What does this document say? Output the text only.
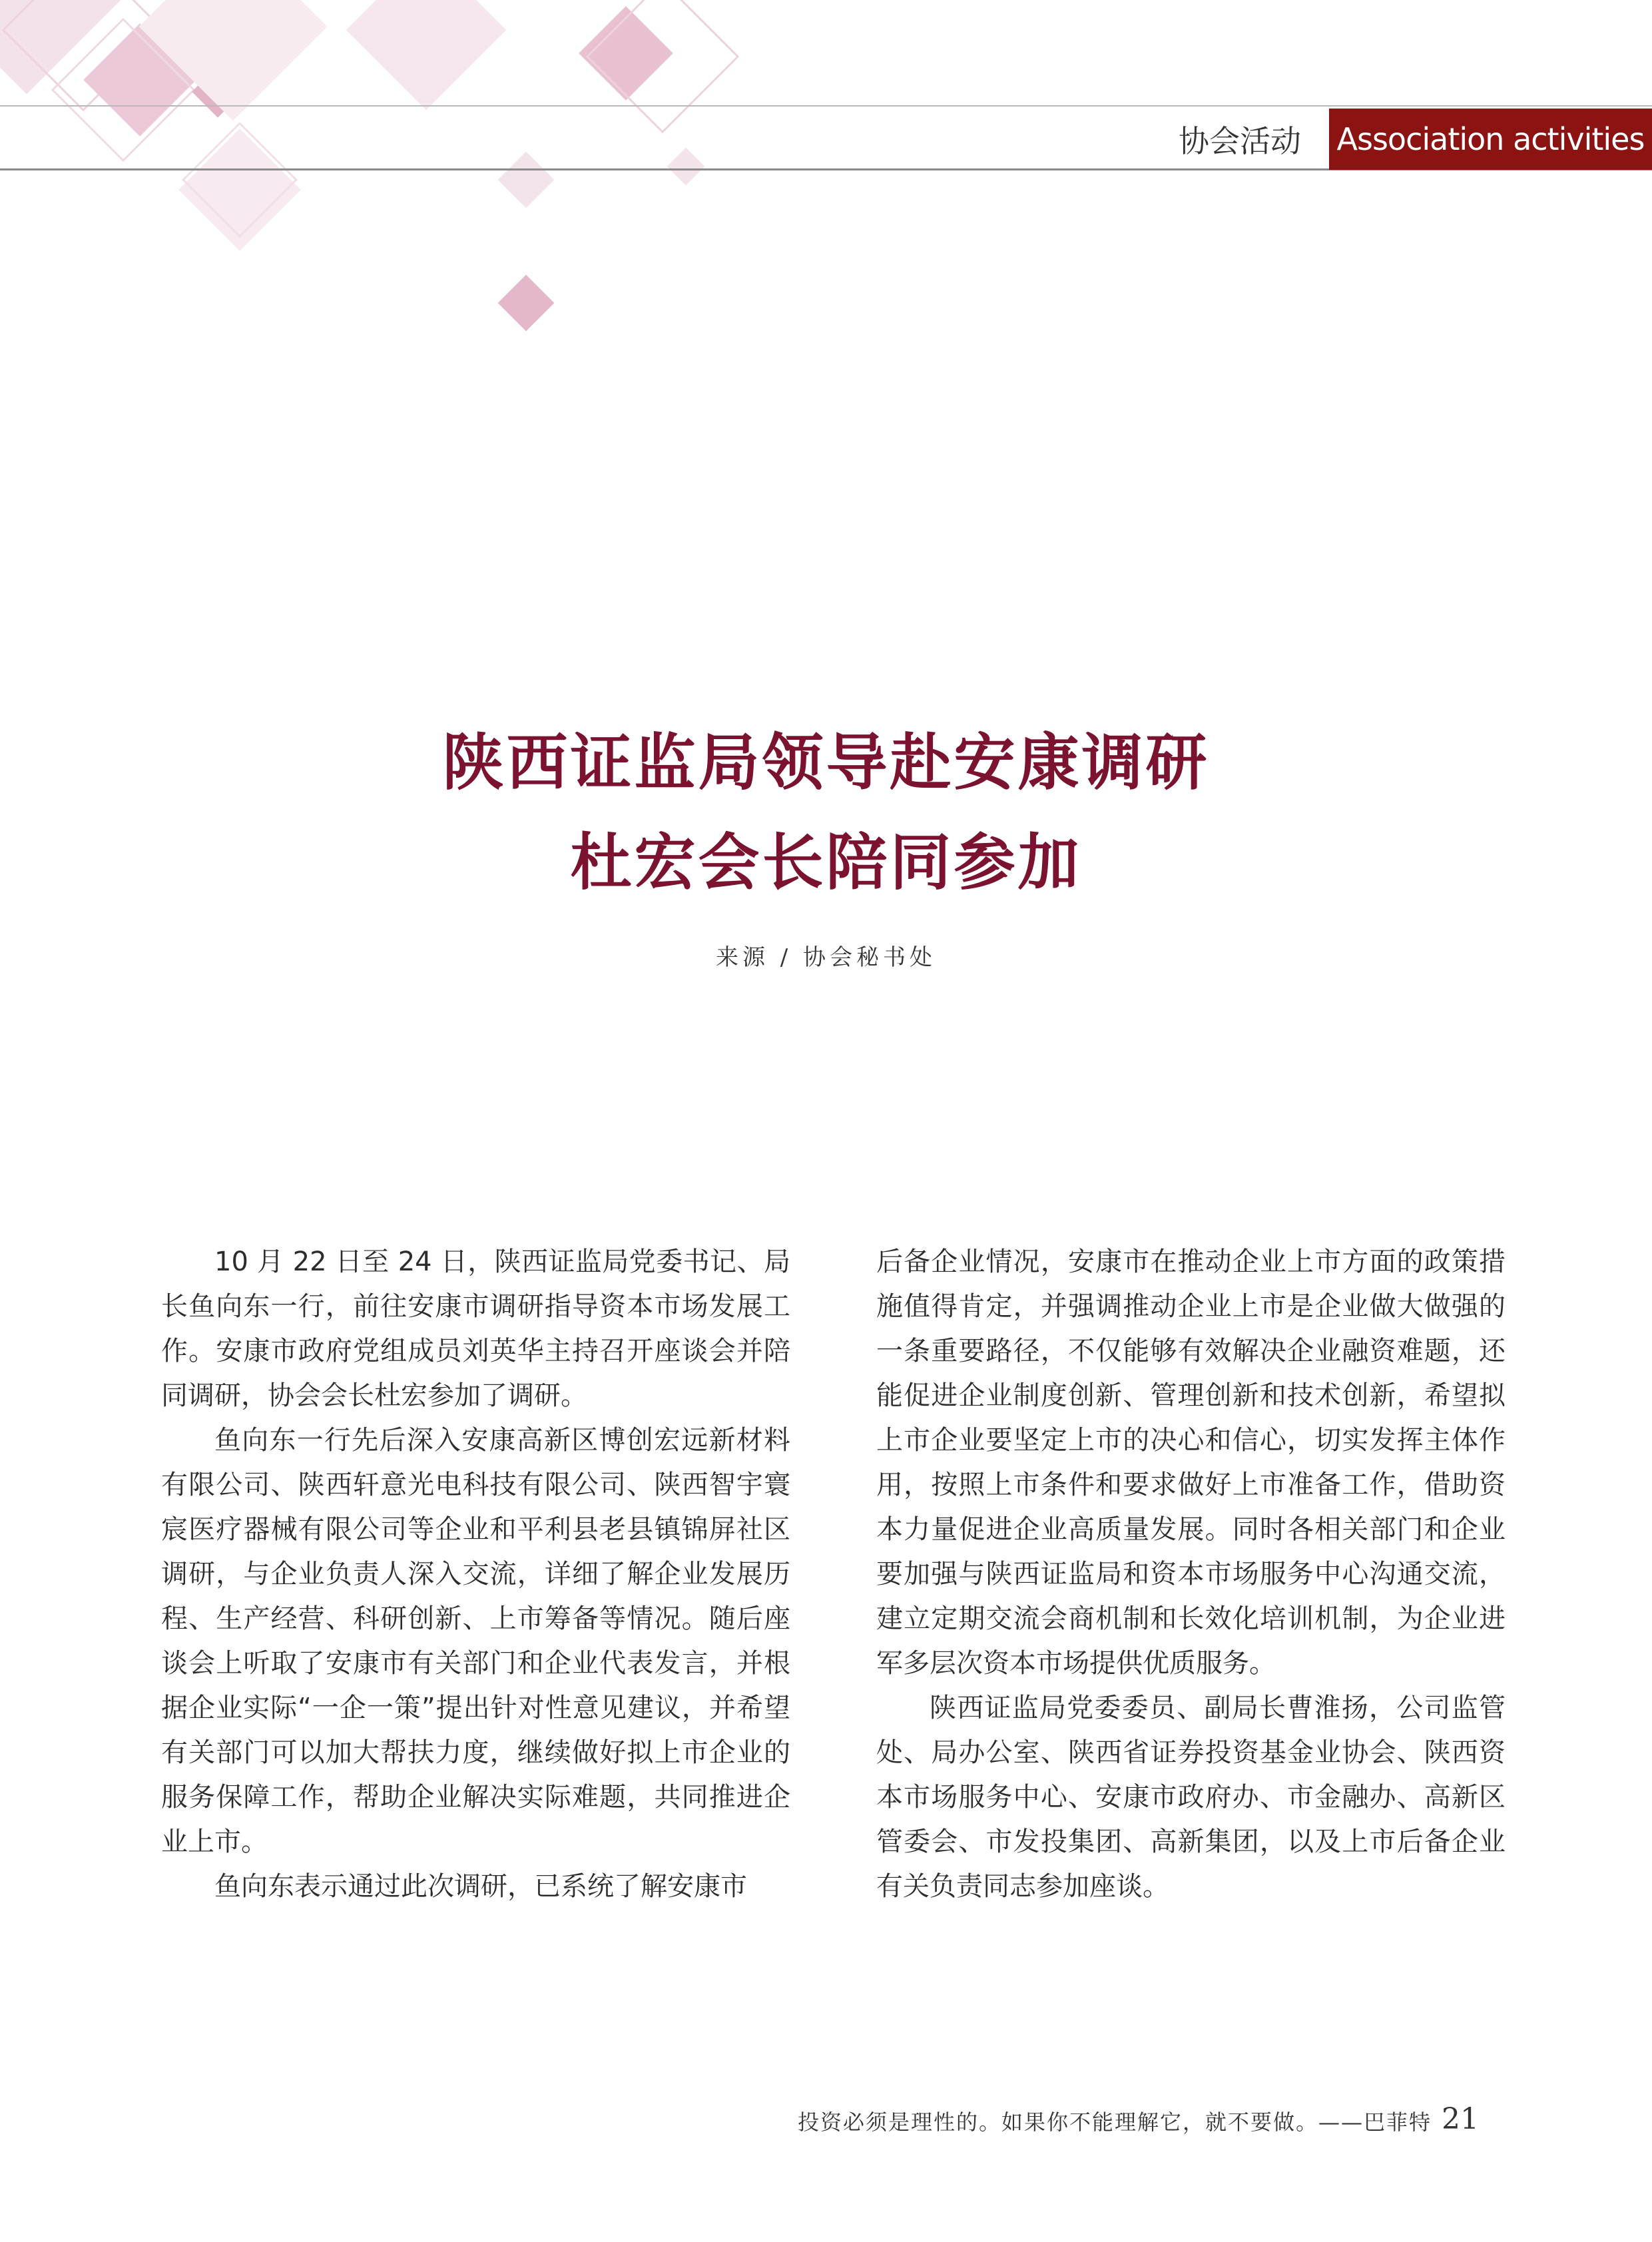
协会活动	Association activities
陕西证监局领导赴安康调研
杜宏会长陪同参加
来源 / 协会秘书处

10 月 22 日至 24 日，陕西证监局党委书记、局长鱼向东一行，前往安康市调研指导资本市场发展工作。安康市政府党组成员刘英华主持召开座谈会并陪同调研，协会会长杜宏参加了调研。

鱼向东一行先后深入安康高新区博创宏远新材料有限公司、陕西轩意光电科技有限公司、陕西智宇寰宸医疗器械有限公司等企业和平利县老县镇锦屏社区调研，与企业负责人深入交流，详细了解企业发展历程、生产经营、科研创新、上市筹备等情况。随后座谈会上听取了安康市有关部门和企业代表发言，并根据企业实际“一企一策”提出针对性意见建议，并希望有关部门可以加大帮扶力度，继续做好拟上市企业的服务保障工作，帮助企业解决实际难题，共同推进企业上市。

鱼向东表示通过此次调研，已系统了解安康市

后备企业情况，安康市在推动企业上市方面的政策措施值得肯定，并强调推动企业上市是企业做大做强的一条重要路径，不仅能够有效解决企业融资难题，还能促进企业制度创新、管理创新和技术创新，希望拟上市企业要坚定上市的决心和信心，切实发挥主体作用，按照上市条件和要求做好上市准备工作，借助资本力量促进企业高质量发展。同时各相关部门和企业要加强与陕西证监局和资本市场服务中心沟通交流，建立定期交流会商机制和长效化培训机制，为企业进军多层次资本市场提供优质服务。

陕西证监局党委委员、副局长曹淮扬，公司监管处、局办公室、陕西省证券投资基金业协会、陕西资本市场服务中心、安康市政府办、市金融办、高新区管委会、市发投集团、高新集团，以及上市后备企业有关负责同志参加座谈。

投资必须是理性的。如果你不能理解它，就不要做。——巴菲特 21
